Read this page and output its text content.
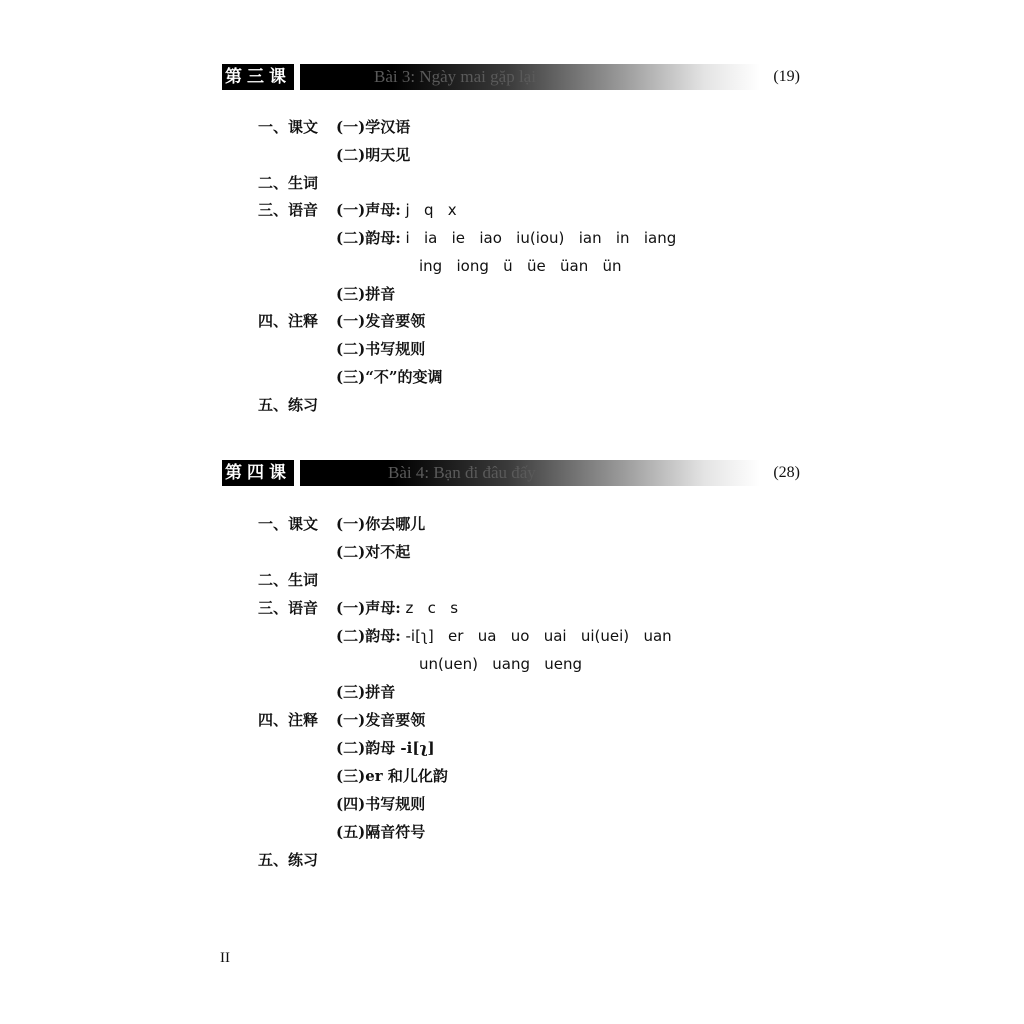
第三课	Bài 3: Ngày mai gặp lại	(19)
一、课文 (一)学汉语
(二)明天见
二、生词
三、语音 (一)声母: j   q   x
(二)韵母: i   ia   ie   iao   iu(iou)   ian   in   iang
ing   iong   ü   üe   üan   ün
(三)拼音
四、注释 (一)发音要领
(二)书写规则
(三)“不”的变调
五、练习
第四课	Bài 4: Bạn đi đâu đấy	(28)
一、课文 (一)你去哪儿
(二)对不起
二、生词
三、语音 (一)声母: z   c   s
(二)韵母: -i[ʅ]   er   ua   uo   uai   ui(uei)   uan
un(uen)   uang   ueng
(三)拼音
四、注释 (一)发音要领
(二)韵母 -i[ʅ]
(三)er 和儿化韵
(四)书写规则
(五)隔音符号
五、练习
II
